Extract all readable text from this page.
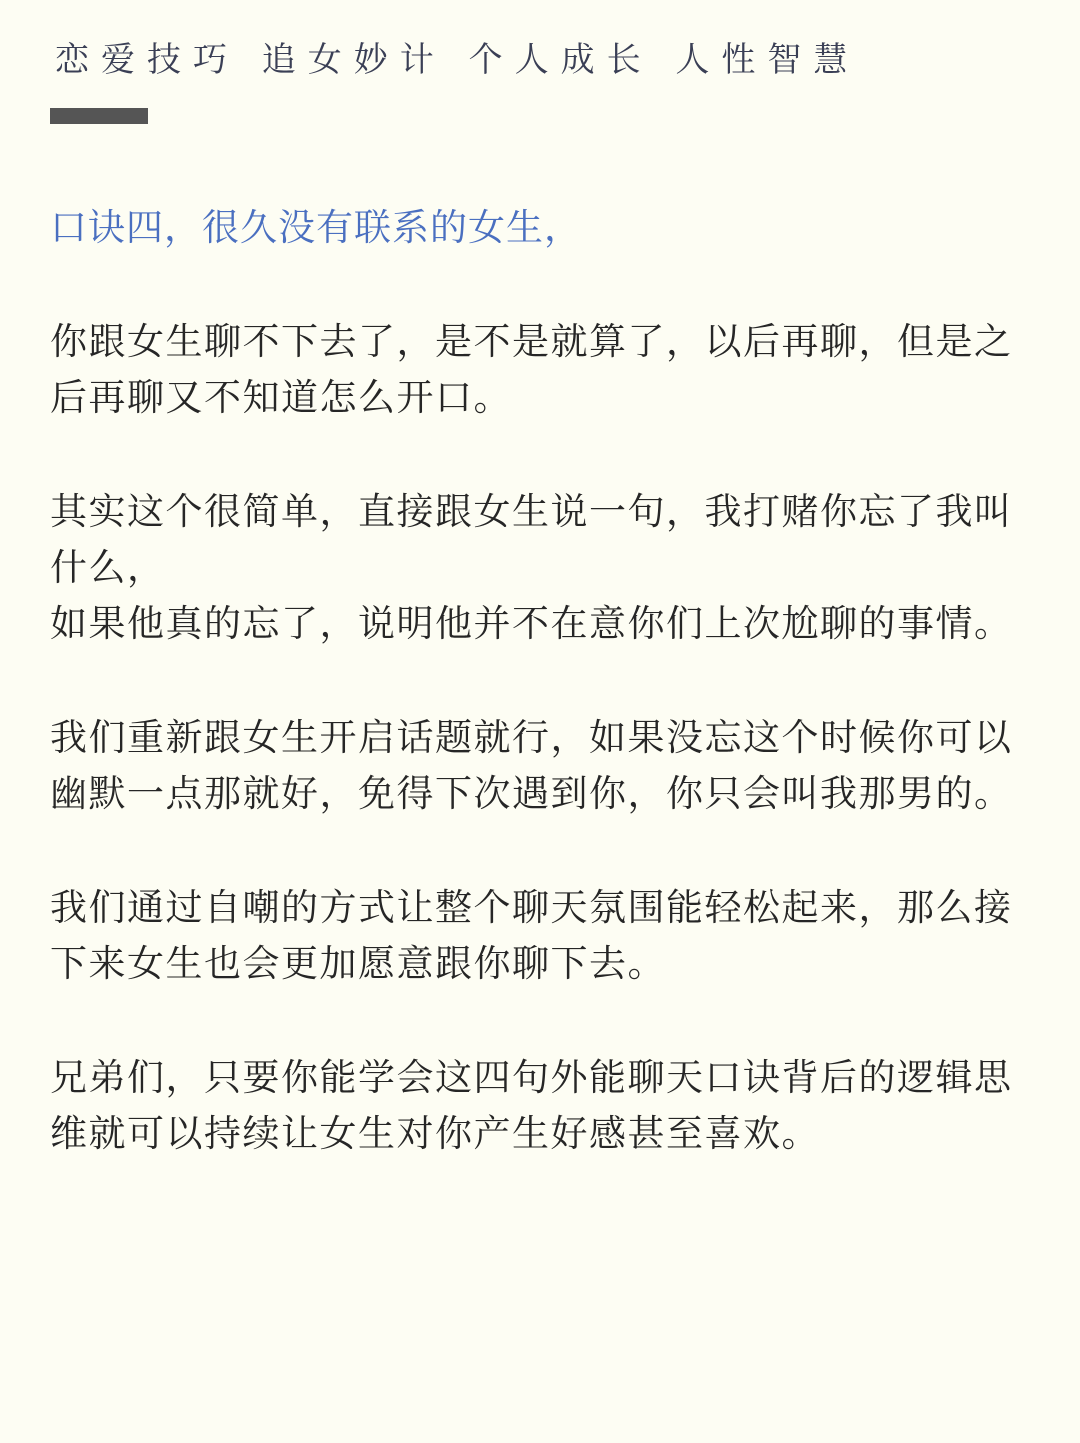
恋爱技巧 追女妙计 个人成长 人性智慧

口诀四，很久没有联系的女生，

你跟女生聊不下去了，是不是就算了，以后再聊，但是之后再聊又不知道怎么开口。

其实这个很简单，直接跟女生说一句，我打赌你忘了我叫什么，
如果他真的忘了，说明他并不在意你们上次尬聊的事情。

我们重新跟女生开启话题就行，如果没忘这个时候你可以幽默一点那就好，免得下次遇到你，你只会叫我那男的。

我们通过自嘲的方式让整个聊天氛围能轻松起来，那么接下来女生也会更加愿意跟你聊下去。

兄弟们，只要你能学会这四句外能聊天口诀背后的逻辑思维就可以持续让女生对你产生好感甚至喜欢。
